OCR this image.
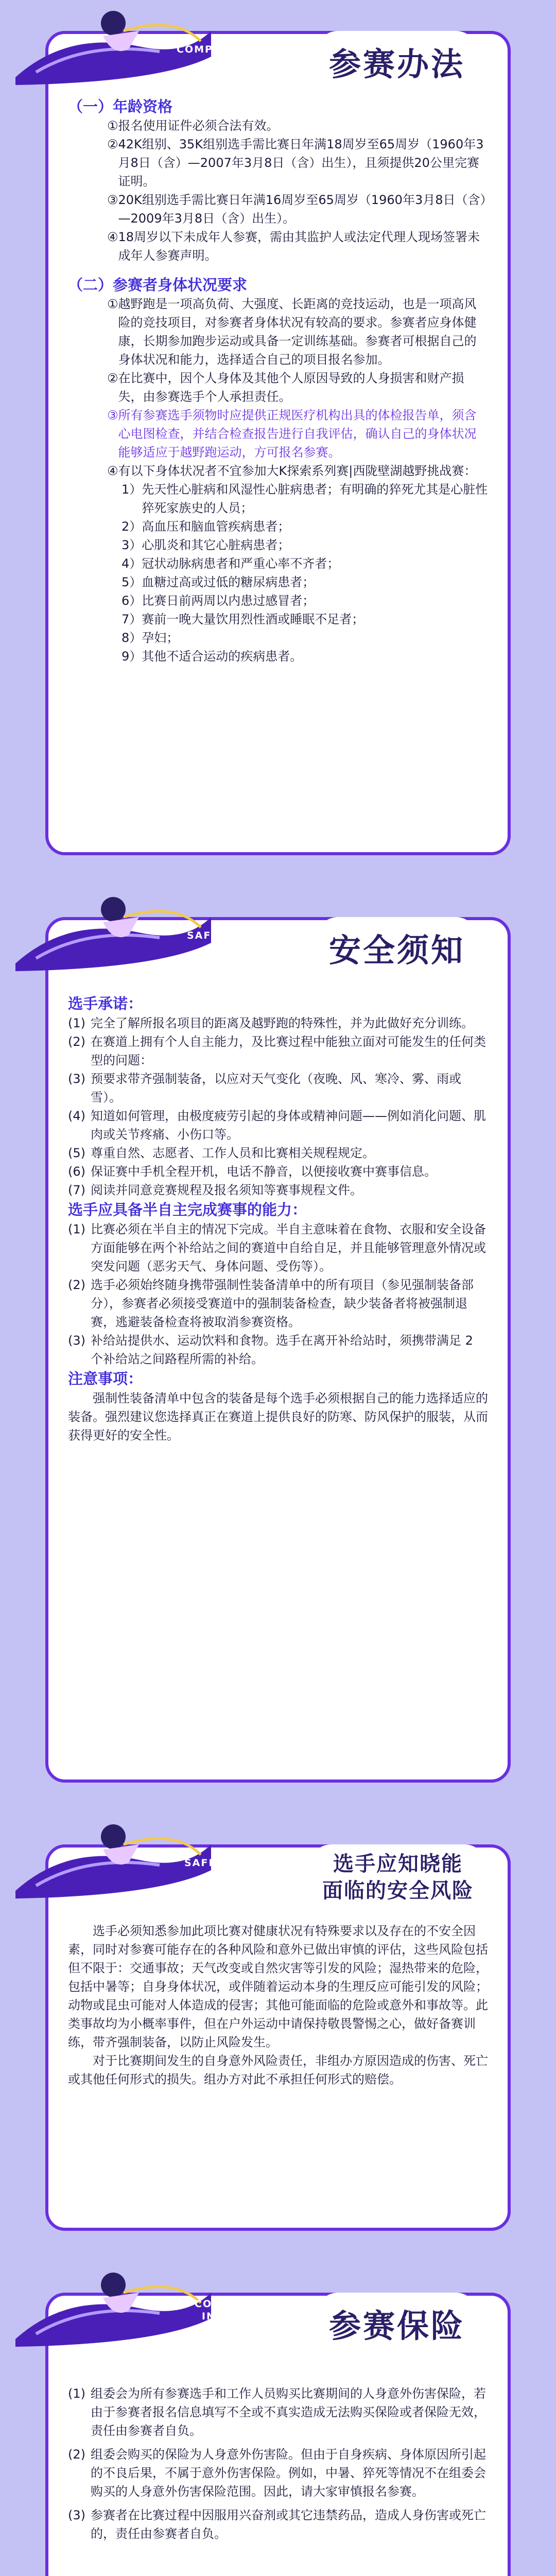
COMPETITION RULES 参赛办法
（一）年龄资格
① 报名使用证件必须合法有效。
② 42K组别、35K组别选手需比赛日年满18周岁至65周岁（1960年3月8日（含）—2007年3月8日（含）出生），且须提供20公里完赛证明。
③ 20K组别选手需比赛日年满16周岁至65周岁（1960年3月8日（含）—2009年3月8日（含）出生）。
④ 18周岁以下未成年人参赛，需由其监护人或法定代理人现场签署未成年人参赛声明。
（二）参赛者身体状况要求
① 越野跑是一项高负荷、大强度、长距离的竞技运动，也是一项高风险的竞技项目，对参赛者身体状况有较高的要求。参赛者应身体健康，长期参加跑步运动或具备一定训练基础。参赛者可根据自己的身体状况和能力，选择适合自己的项目报名参加。
② 在比赛中，因个人身体及其他个人原因导致的人身损害和财产损失，由参赛选手个人承担责任。
③ 所有参赛选手须物时应提供正规医疗机构出具的体检报告单，须含心电图检查，并结合检查报告进行自我评估，确认自己的身体状况能够适应于越野跑运动，方可报名参赛。
④ 有以下身体状况者不宜参加大K探索系列赛|西陇壁湖越野挑战赛：
1） 先天性心脏病和风湿性心脏病患者；有明确的猝死尤其是心脏性猝死家族史的人员；
2） 高血压和脑血管疾病患者；
3） 心肌炎和其它心脏病患者；
4） 冠状动脉病患者和严重心率不齐者；
5） 血糖过高或过低的糖尿病患者；
6） 比赛日前两周以内患过感冒者；
7） 赛前一晚大量饮用烈性酒或睡眠不足者；
8） 孕妇；
9） 其他不适合运动的疾病患者。
SAFETY NOTICE 安全须知
选手承诺：
(1) 完全了解所报名项目的距离及越野跑的特殊性，并为此做好充分训练。
(2) 在赛道上拥有个人自主能力，及比赛过程中能独立面对可能发生的任何类型的问题：
(3) 预要求带齐强制装备，以应对天气变化（夜晚、风、寒冷、雾、雨或雪）。
(4) 知道如何管理，由极度疲劳引起的身体或精神问题——例如消化问题、肌肉或关节疼痛、小伤口等。
(5) 尊重自然、志愿者、工作人员和比赛相关规程规定。
(6) 保证赛中手机全程开机，电话不静音，以便接收赛中赛事信息。
(7) 阅读并同意竞赛规程及报名须知等赛事规程文件。
选手应具备半自主完成赛事的能力：
(1) 比赛必须在半自主的情况下完成。半自主意味着在食物、衣服和安全设备方面能够在两个补给站之间的赛道中自给自足，并且能够管理意外情况或突发问题（恶劣天气、身体问题、受伤等）。
(2) 选手必须始终随身携带强制性装备清单中的所有项目（参见强制装备部分），参赛者必须接受赛道中的强制装备检查，缺少装备者将被强制退赛，逃避装备检查将被取消参赛资格。
(3) 补给站提供水、运动饮料和食物。选手在离开补给站时，须携带满足 2 个补给站之间路程所需的补给。
注意事项：

强制性装备清单中包含的装备是每个选手必须根据自己的能力选择适应的装备。强烈建议您选择真正在赛道上提供良好的防寒、防风保护的服装，从而获得更好的安全性。

SAFETY RISK	选手应知晓能
面临的安全风险

选手必须知悉参加此项比赛对健康状况有特殊要求以及存在的不安全因素，同时对参赛可能存在的各种风险和意外已做出审慎的评估，这些风险包括但不限于：交通事故；天气改变或自然灾害等引发的风险；湿热带来的危险，包括中暑等；自身身体状况，或伴随着运动本身的生理反应可能引发的风险；动物或昆虫可能对人体造成的侵害；其他可能面临的危险或意外和事故等。此类事故均为小概率事件，但在户外运动中请保持敬畏警惕之心，做好备赛训练，带齐强制装备，以防止风险发生。

对于比赛期间发生的自身意外风险责任，非组办方原因造成的伤害、死亡或其他任何形式的损失。组办方对此不承担任何形式的赔偿。

COMPETITION
INSURANCE 参赛保险
(1) 组委会为所有参赛选手和工作人员购买比赛期间的人身意外伤害保险，若由于参赛者报名信息填写不全或不真实造成无法购买保险或者保险无效，责任由参赛者自负。
(2) 组委会购买的保险为人身意外伤害险。但由于自身疾病、身体原因所引起的不良后果，不属于意外伤害保险。例如，中暑、猝死等情况不在组委会购买的人身意外伤害保险范围。因此，请大家审慎报名参赛。
(3) 参赛者在比赛过程中因服用兴奋剂或其它违禁药品，造成人身伤害或死亡的，责任由参赛者自负。
